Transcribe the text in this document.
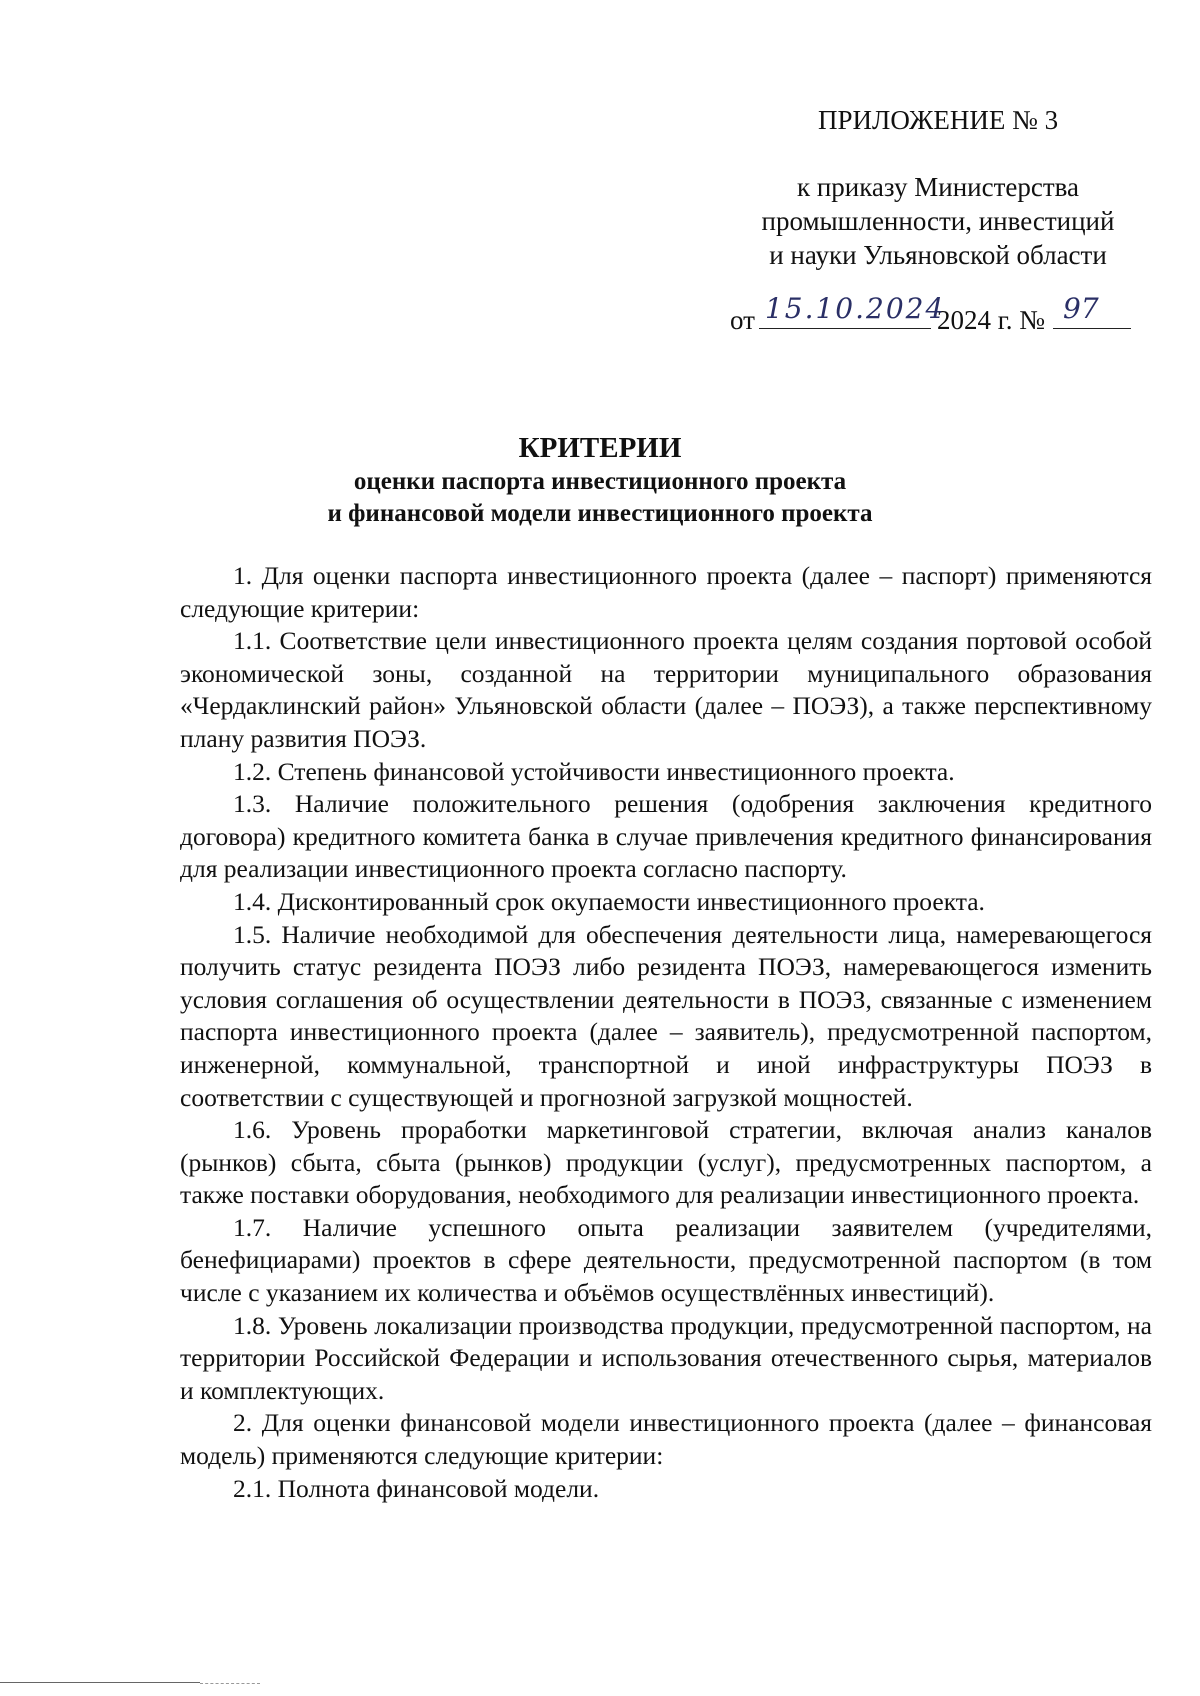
ПРИЛОЖЕНИЕ № 3
к приказу Министерства
промышленности, инвестиций
и науки Ульяновской области
от 15.10.2024
2024 г. № 97
КРИТЕРИИ
оценки паспорта инвестиционного проекта
и финансовой модели инвестиционного проекта

1. Для оценки паспорта инвестиционного проекта (далее – паспорт) применяются следующие критерии:

1.1. Соответствие цели инвестиционного проекта целям создания портовой особой экономической зоны, созданной на территории муниципального образования «Чердаклинский район» Ульяновской области (далее – ПОЭЗ), а также перспективному плану развития ПОЭЗ.

1.2. Степень финансовой устойчивости инвестиционного проекта.

1.3. Наличие положительного решения (одобрения заключения кредитного договора) кредитного комитета банка в случае привлечения кредитного финансирования для реализации инвестиционного проекта согласно паспорту.

1.4. Дисконтированный срок окупаемости инвестиционного проекта.

1.5. Наличие необходимой для обеспечения деятельности лица, намеревающегося получить статус резидента ПОЭЗ либо резидента ПОЭЗ, намеревающегося изменить условия соглашения об осуществлении деятельности в ПОЭЗ, связанные с изменением паспорта инвестиционного проекта (далее – заявитель), предусмотренной паспортом, инженерной, коммунальной, транспортной и иной инфраструктуры ПОЭЗ в соответствии с существующей и прогнозной загрузкой мощностей.

1.6. Уровень проработки маркетинговой стратегии, включая анализ каналов (рынков) сбыта, сбыта (рынков) продукции (услуг), предусмотренных паспортом, а также поставки оборудования, необходимого для реализации инвестиционного проекта.

1.7. Наличие успешного опыта реализации заявителем (учредителями, бенефициарами) проектов в сфере деятельности, предусмотренной паспортом (в том числе с указанием их количества и объёмов осуществлённых инвестиций).

1.8. Уровень локализации производства продукции, предусмотренной паспортом, на территории Российской Федерации и использования отечественного сырья, материалов и комплектующих.

2. Для оценки финансовой модели инвестиционного проекта (далее – финансовая модель) применяются следующие критерии:

2.1. Полнота финансовой модели.
